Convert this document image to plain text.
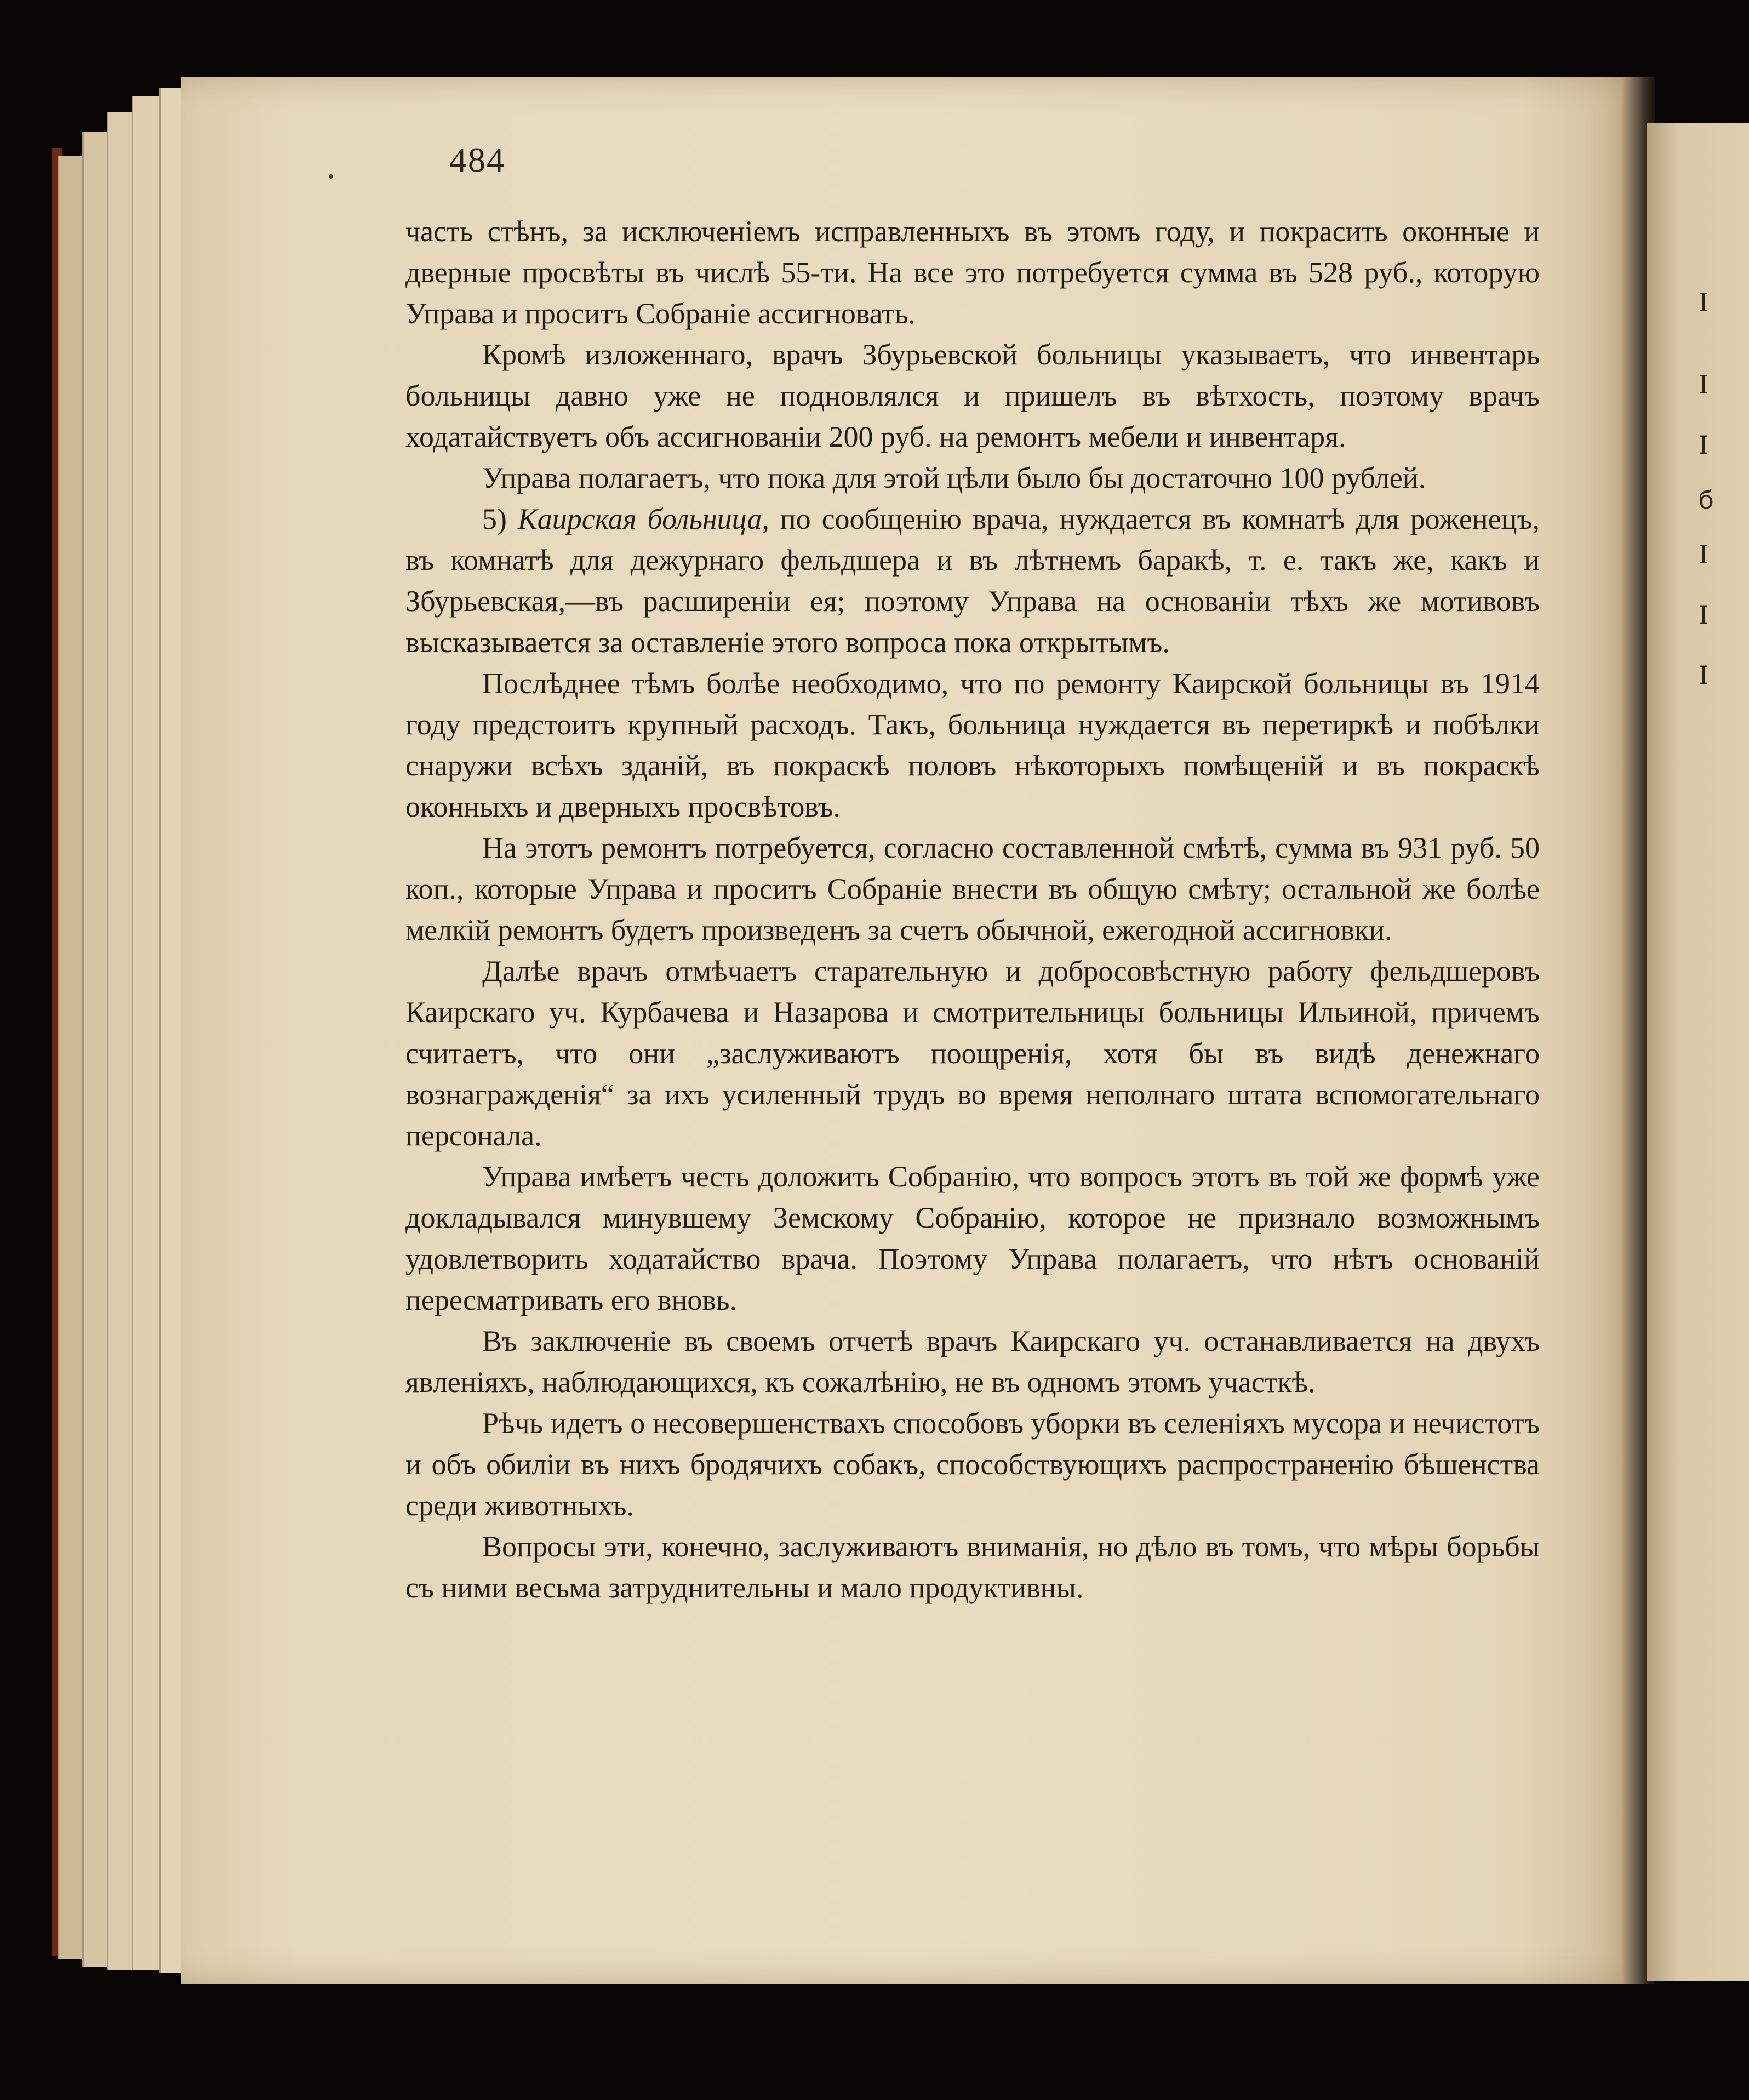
I
I
I
б
I
I
I
484

часть стѣнъ, за исключеніемъ исправленныхъ въ этомъ году, и покрасить оконные и дверные просвѣты въ числѣ 55-ти. На все это потребуется сумма въ 528 руб., которую Управа и проситъ Собраніе ассигновать.

Кромѣ изложеннаго, врачъ Збурьевской больницы указываетъ, что инвентарь больницы давно уже не подновлялся и пришелъ въ вѣтхость, поэтому врачъ ходатайствуетъ объ ассигнованіи 200 руб. на ремонтъ мебели и инвентаря.

Управа полагаетъ, что пока для этой цѣли было бы достаточно 100 рублей.

5) Каирская больница, по сообщенію врача, нуждается въ комнатѣ для роженецъ, въ комнатѣ для дежурнаго фельдшера и въ лѣтнемъ баракѣ, т. е. такъ же, какъ и Збурьевская,—въ расширеніи ея; поэтому Управа на основаніи тѣхъ же мотивовъ высказывается за оставленіе этого вопроса пока открытымъ.

Послѣднее тѣмъ болѣе необходимо, что по ремонту Каирской больницы въ 1914 году предстоитъ крупный расходъ. Такъ, больница нуждается въ перетиркѣ и побѣлки снаружи всѣхъ зданій, въ покраскѣ половъ нѣкоторыхъ помѣщеній и въ покраскѣ оконныхъ и дверныхъ просвѣтовъ.

На этотъ ремонтъ потребуется, согласно составленной смѣтѣ, сумма въ 931 руб. 50 коп., которые Управа и проситъ Собраніе внести въ общую смѣту; остальной же болѣе мелкій ремонтъ будетъ произведенъ за счетъ обычной, ежегодной ассигновки.

Далѣе врачъ отмѣчаетъ старательную и добросовѣстную работу фельдшеровъ Каирскаго уч. Курбачева и Назарова и смотрительницы больницы Ильиной, причемъ считаетъ, что они „заслуживаютъ поощренія, хотя бы въ видѣ денежнаго вознагражденія“ за ихъ усиленный трудъ во время неполнаго штата вспомогательнаго персонала.

Управа имѣетъ честь доложить Собранію, что вопросъ этотъ въ той же формѣ уже докладывался минувшему Земскому Собранію, которое не признало возможнымъ удовлетворить ходатайство врача. Поэтому Управа полагаетъ, что нѣтъ основаній пересматривать его вновь.

Въ заключеніе въ своемъ отчетѣ врачъ Каирскаго уч. останавливается на двухъ явленіяхъ, наблюдающихся, къ сожалѣнію, не въ одномъ этомъ участкѣ.

Рѣчь идетъ о несовершенствахъ способовъ уборки въ селеніяхъ мусора и нечистотъ и объ обиліи въ нихъ бродячихъ собакъ, способствующихъ распространенію бѣшенства среди животныхъ.

Вопросы эти, конечно, заслуживаютъ вниманія, но дѣло въ томъ, что мѣры борьбы съ ними весьма затруднительны и мало продуктивны.
